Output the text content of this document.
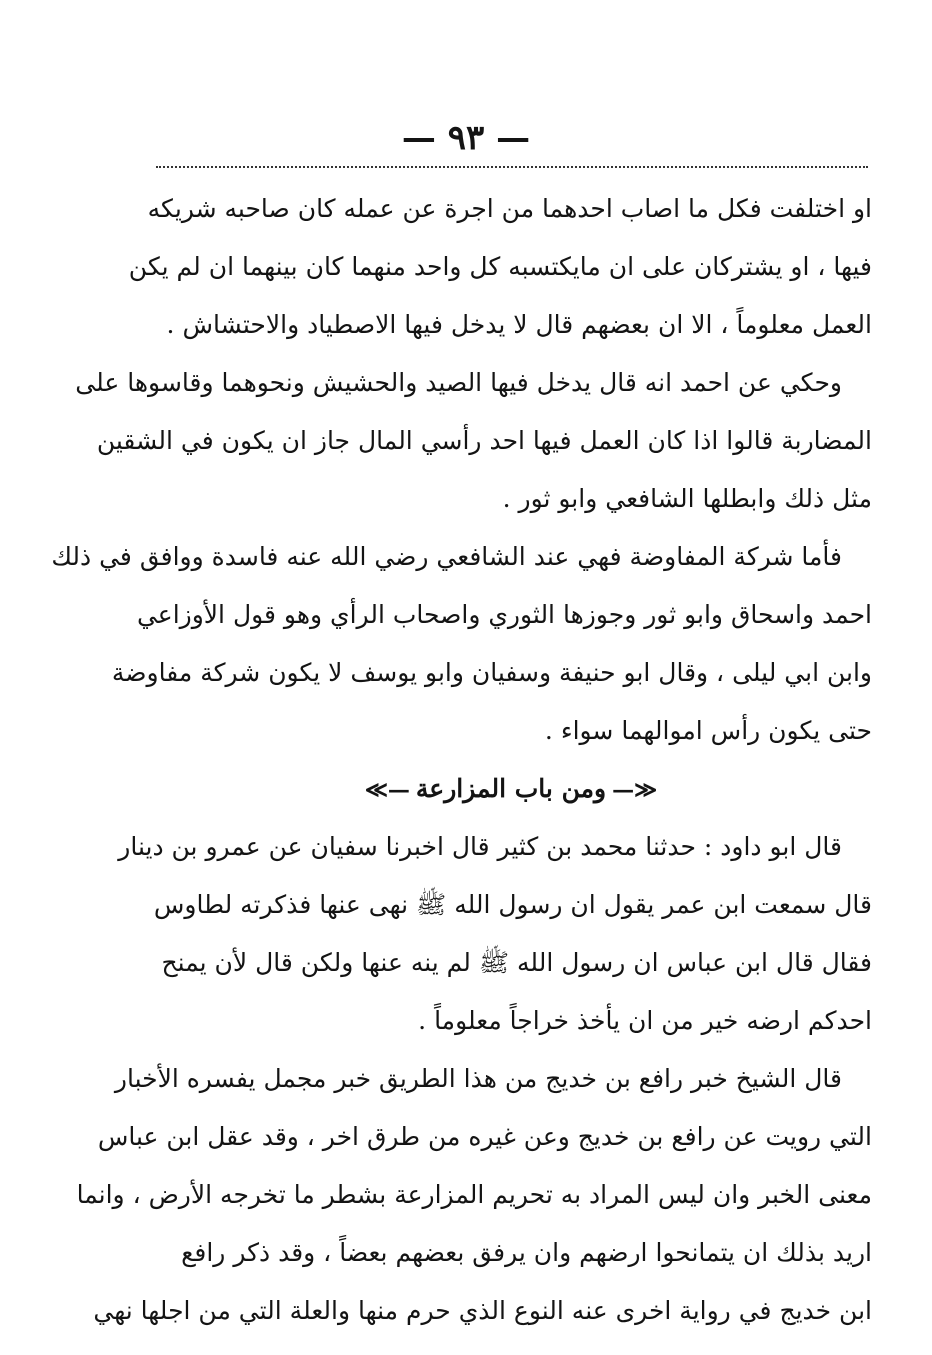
— ٩٣ —
او اختلفت فكل ما اصاب احدهما من اجرة عن عمله كان صاحبه شريكه
فيها ، او يشتركان على ان مايكتسبه كل واحد منهما كان بينهما ان لم يكن
العمل معلوماً ، الا ان بعضهم قال لا يدخل فيها الاصطياد والاحتشاش .
وحكي عن احمد انه قال يدخل فيها الصيد والحشيش ونحوهما وقاسوها على
المضاربة قالوا اذا كان العمل فيها احد رأسي المال جاز ان يكون في الشقين
مثل ذلك وابطلها الشافعي وابو ثور .
فأما شركة المفاوضة فهي عند الشافعي رضي الله عنه فاسدة ووافق في ذلك
احمد واسحاق وابو ثور وجوزها الثوري واصحاب الرأي وهو قول الأوزاعي
وابن ابي ليلى ، وقال ابو حنيفة وسفيان وابو يوسف لا يكون شركة مفاوضة
حتى يكون رأس اموالهما سواء .
≪—ومن باب المزارعة—≫
قال ابو داود : حدثنا محمد بن كثير قال اخبرنا سفيان عن عمرو بن دينار
قال سمعت ابن عمر يقول ان رسول الله ﷺ نهى عنها فذكرته لطاوس
فقال قال ابن عباس ان رسول الله ﷺ لم ينه عنها ولكن قال لأن يمنح
احدكم ارضه خير من ان يأخذ خراجاً معلوماً .
قال الشيخ خبر رافع بن خديج من هذا الطريق خبر مجمل يفسره الأخبار
التي رويت عن رافع بن خديج وعن غيره من طرق اخر ، وقد عقل ابن عباس
معنى الخبر وان ليس المراد به تحريم المزارعة بشطر ما تخرجه الأرض ، وانما
اريد بذلك ان يتمانحوا ارضهم وان يرفق بعضهم بعضاً ، وقد ذكر رافع
ابن خديج في رواية اخرى عنه النوع الذي حرم منها والعلة التي من اجلها نهي
